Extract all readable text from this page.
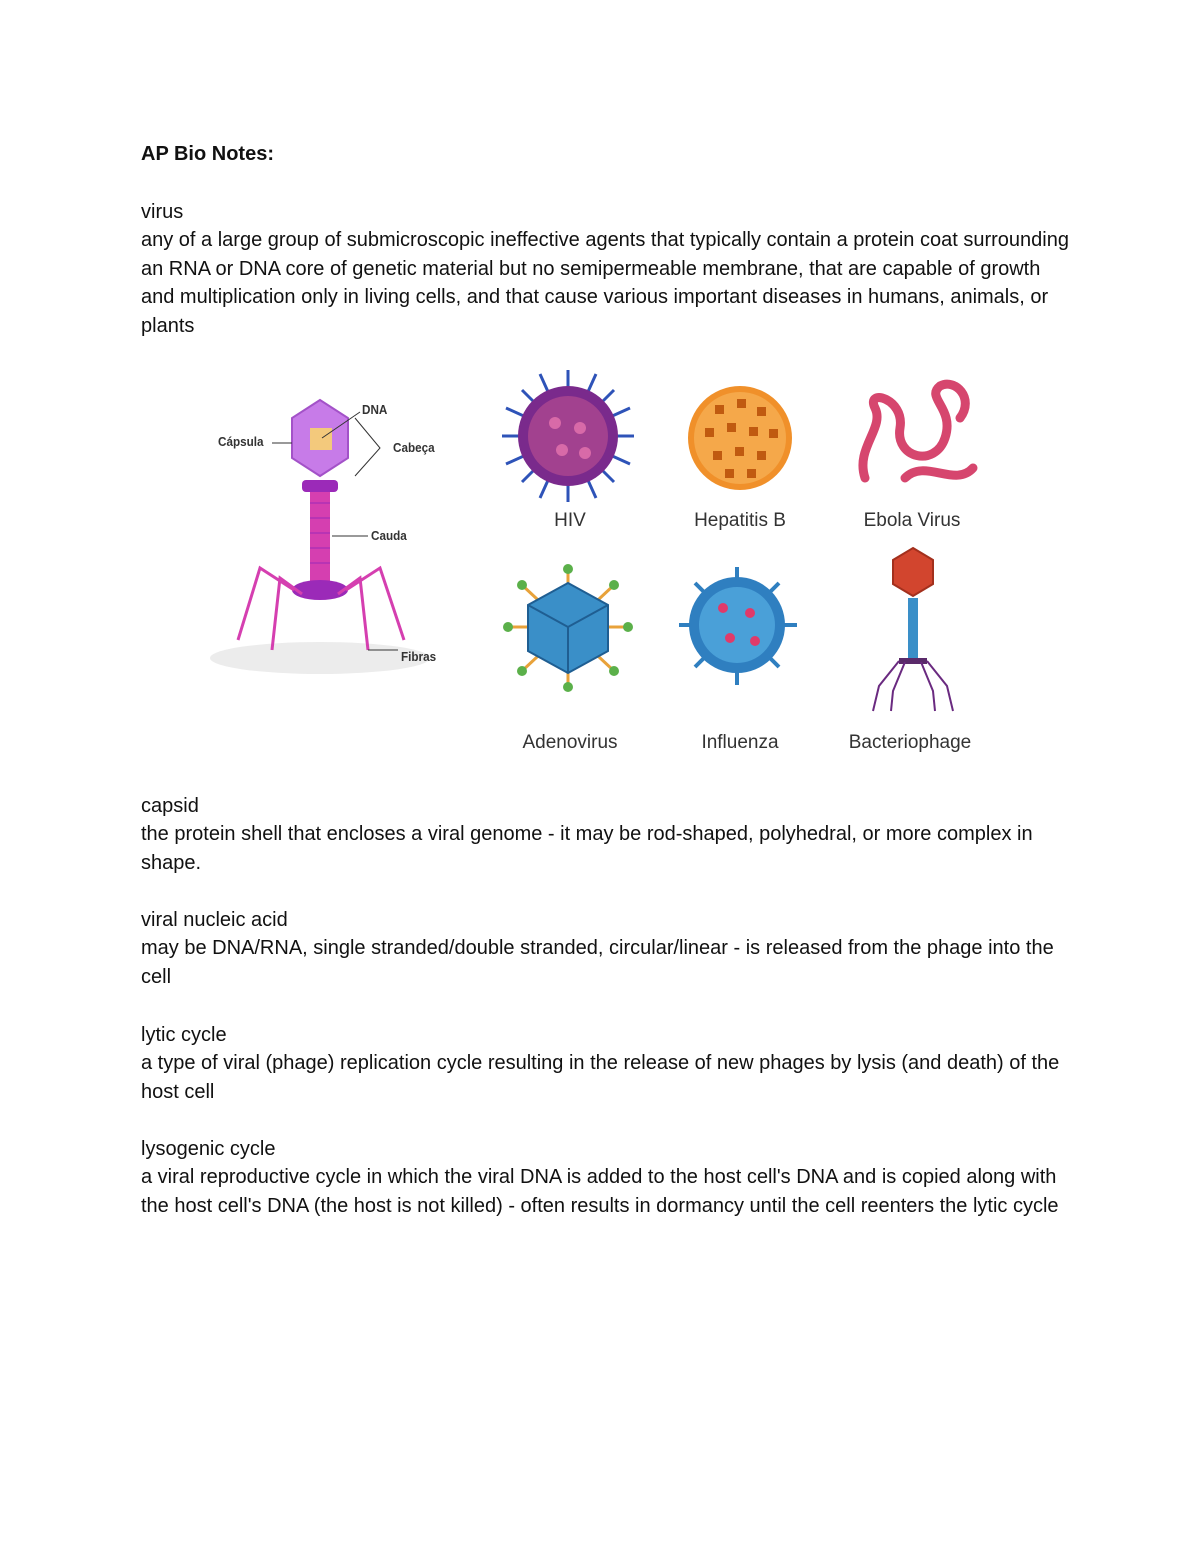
AP Bio Notes:
virus
any of a large group of submicroscopic ineffective agents that typically contain a protein coat surrounding an RNA or DNA core of genetic material but no semipermeable membrane, that are capable of growth and multiplication only in living cells, and that cause various important diseases in humans, animals, or plants
DNA
Cápsula	Cabeça
Cauda
Fibras
HIV	Hepatitis B	Ebola Virus
Adenovirus	Influenza	Bacteriophage
capsid
the protein shell that encloses a viral genome - it may be rod-shaped, polyhedral, or more complex in shape.
viral nucleic acid
may be DNA/RNA, single stranded/double stranded, circular/linear - is released from the phage into the cell
lytic cycle
a type of viral (phage) replication cycle resulting in the release of new phages by lysis (and death) of the host cell
lysogenic cycle
a viral reproductive cycle in which the viral DNA is added to the host cell's DNA and is copied along with the host cell's DNA (the host is not killed) - often results in dormancy until the cell reenters the lytic cycle
